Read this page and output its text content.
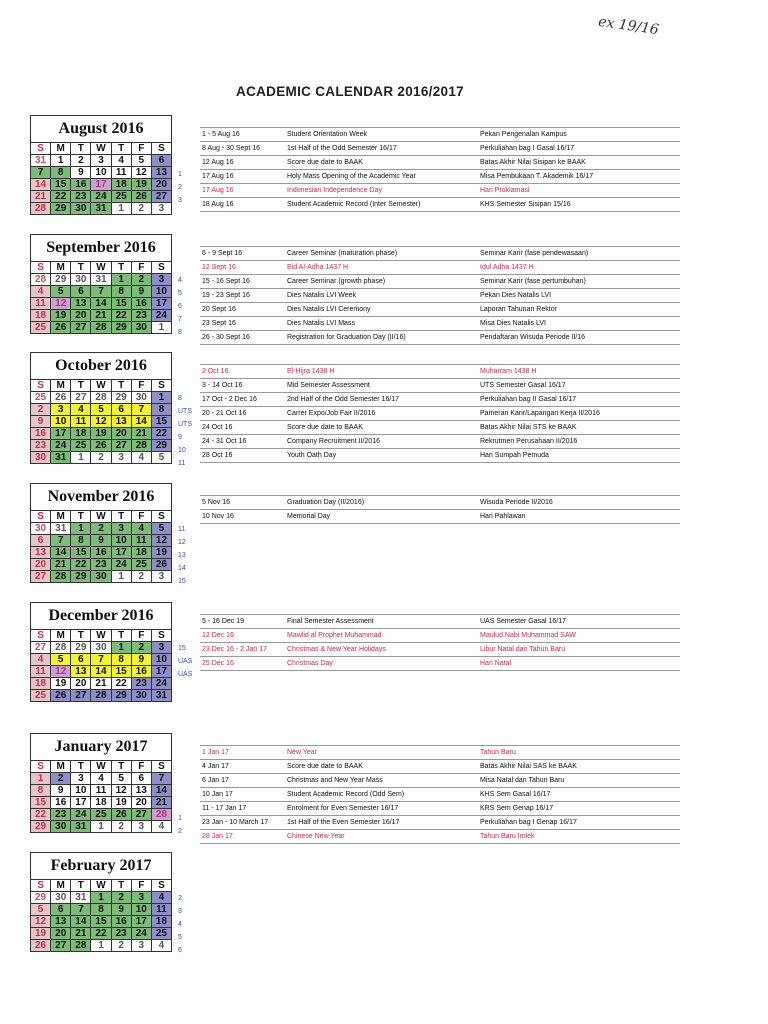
ex 19/16
ACADEMIC CALENDAR 2016/2017
August 2016
S	M	T	W	T	F	S
31	1	2	3	4	5	6
7	8	9	10	11	12	13
14	15	16	17	18	19	20
21	22	23	24	25	26	27
28	29	30	31	1	2	3
1
2
3
1 - 5 Aug 16	Student Orientation Week	Pekan Pengenalan Kampus
8 Aug - 30 Sept 16	1st Half of the Odd Semester 16/17	Perkuliahan bag I Gasal 16/17
12 Aug 16	Score due date to BAAK	Batas Akhir Nilai Sisipan ke BAAK
17 Aug 16	Holy Mass Opening of the Academic Year	Misa Pembukaan T. Akademik 16/17
17 Aug 16	Indonesian Independence Day	Hari Proklamasi
18 Aug 16	Student Academic Record (Inter Semester)	KHS Semester Sisipan 15/16
September 2016
S	M	T	W	T	F	S
28	29	30	31	1	2	3
4	5	6	7	8	9	10
11	12	13	14	15	16	17
18	19	20	21	22	23	24
25	26	27	28	29	30	1
4
5
6
7
8
6 - 9 Sept 16	Career Seminar (maturation phase)	Seminar Karir (fase pendewasaan)
12 Sept 16	Eid Al-Adha 1437 H	Idul Adha 1437 H
15 - 16 Sept 16	Career Seminar (growth phase)	Seminar Karir (fase pertumbuhan)
19 - 23 Sept 16	Dies Natalis LVI Week	Pekan Dies Natalis LVI
20 Sept 16	Dies Natalis LVI Ceremony	Laporan Tahunan Rektor
23 Sept 16	Dies Natalis LVI Mass	Misa Dies Natalis LVI
26 - 30 Sept 16	Registration for Graduation Day (II/16)	Pendaftaran Wisuda Periode II/16
October 2016
S	M	T	W	T	F	S
25	26	27	28	29	30	1
2	3	4	5	6	7	8
9	10	11	12	13	14	15
16	17	18	19	20	21	22
23	24	25	26	27	28	29
30	31	1	2	3	4	5
8
UTS
UTS
9
10
11
2 Oct 16	El-Hijra 1438 H	Muharram 1438 H
3 - 14 Oct 16	Mid Semester Assessment	UTS Semester Gasal 16/17
17 Oct - 2 Dec 16	2nd Half of the Odd Semester 16/17	Perkuliahan bag II Gasal 16/17
20 - 21 Oct 16	Carrer Expo/Job Fair II/2016	Pameran Karir/Lapangan Kerja II/2016
24 Oct 16	Score due date to BAAK	Batas Akhir Nilai STS ke BAAK
24 - 31 Oct 16	Company Recruitment II/2016	Rekrutmen Perusahaan II/2016
28 Oct 16	Youth Oath Day	Hari Sumpah Pemuda
November 2016
S	M	T	W	T	F	S
30	31	1	2	3	4	5
6	7	8	9	10	11	12
13	14	15	16	17	18	19
20	21	22	23	24	25	26
27	28	29	30	1	2	3
11
12
13
14
15
5 Nov 16	Graduation Day (II/2016)	Wisuda Periode II/2016
10 Nov 16	Memorial Day	Hari Pahlawan
December 2016
S	M	T	W	T	F	S
27	28	29	30	1	2	3
4	5	6	7	8	9	10
11	12	13	14	15	16	17
18	19	20	21	22	23	24
25	26	27	28	29	30	31
15
UAS
UAS
5 - 16 Dec 19	Final Semester Assessment	UAS Semester Gasal 16/17
12 Dec 16	Mawlid al Prophet Muhammad	Maulud Nabi Muhammad SAW
23 Dec 16 - 2 Jan 17	Christmas & New Year Holidays	Libur Natal dan Tahun Baru
25 Dec 16	Christmas Day	Hari Natal
January 2017
S	M	T	W	T	F	S
1	2	3	4	5	6	7
8	9	10	11	12	13	14
15	16	17	18	19	20	21
22	23	24	25	26	27	28
29	30	31	1	2	3	4
1
2
1 Jan 17	New Year	Tahun Baru
4 Jan 17	Score due date to BAAK	Batas Akhir Nilai SAS ke BAAK
6 Jan 17	Christmas and New Year Mass	Misa Natal dan Tahun Baru
10 Jan 17	Student Academic Record (Odd Sem)	KHS Sem Gasal 16/17
11 - 17 Jan 17	Enrolment for Even Semester 16/17	KRS Sem Genap 16/17
23 Jan - 10 March 17	1st Half of the Even Semester 16/17	Perkuliahan bag I Genap 16/17
28 Jan 17	Chinese New Year	Tahun Baru Imlek
February 2017
S	M	T	W	T	F	S
29	30	31	1	2	3	4
5	6	7	8	9	10	11
12	13	14	15	16	17	18
19	20	21	22	23	24	25
26	27	28	1	2	3	4
2
3
4
5
6
